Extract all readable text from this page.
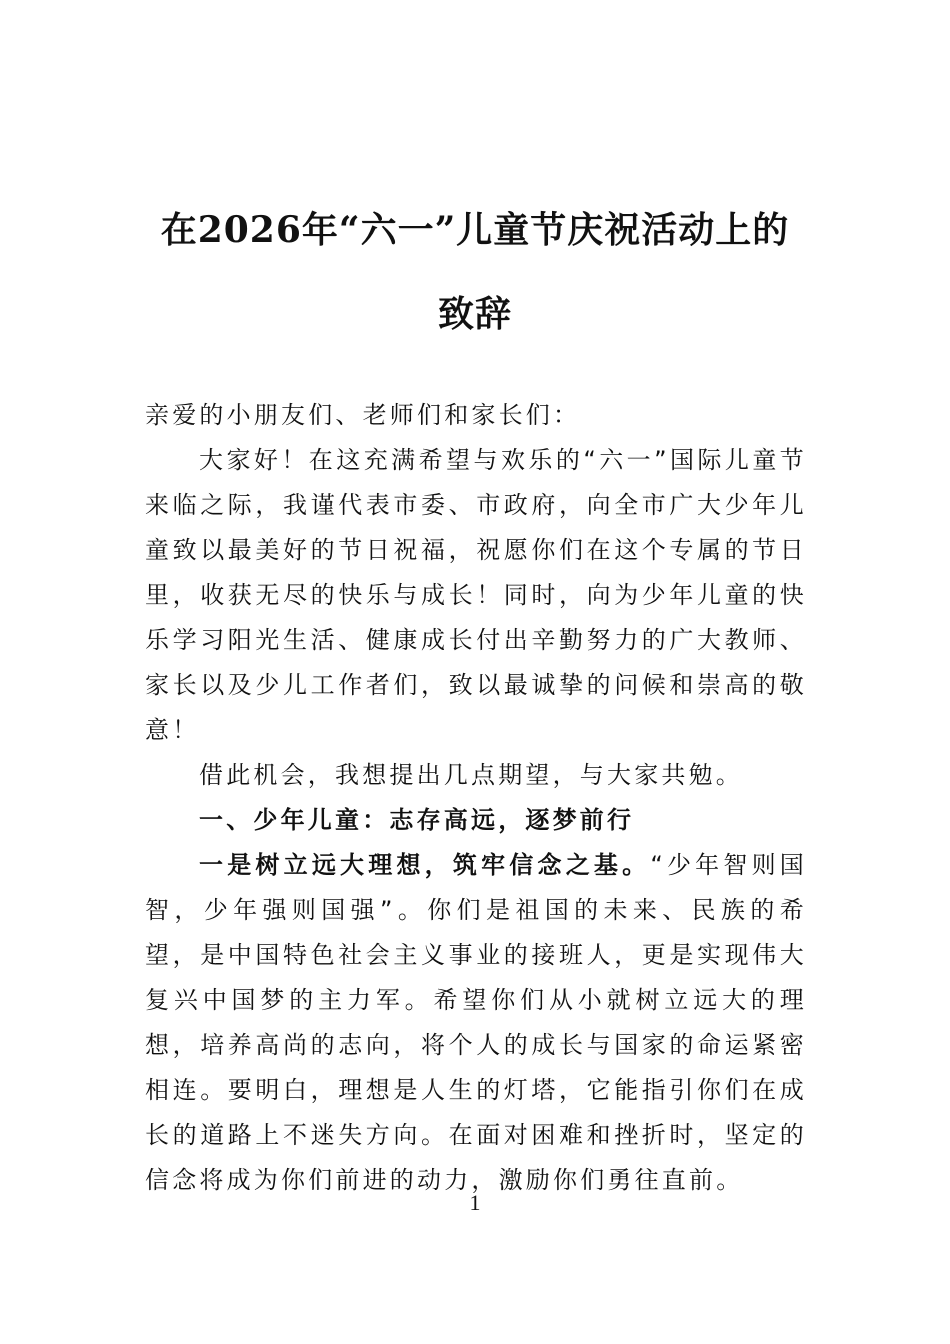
在2026年“六一”儿童节庆祝活动上的致辞

亲爱的小朋友们、老师们和家长们：

大家好！在这充满希望与欢乐的“六一”国际儿童节来临之际，我谨代表市委、市政府，向全市广大少年儿童致以最美好的节日祝福，祝愿你们在这个专属的节日里，收获无尽的快乐与成长！同时，向为少年儿童的快乐学习阳光生活、健康成长付出辛勤努力的广大教师、家长以及少儿工作者们，致以最诚挚的问候和崇高的敬意！

借此机会，我想提出几点期望，与大家共勉。

一、少年儿童：志存高远，逐梦前行

一是树立远大理想，筑牢信念之基。“少年智则国智，少年强则国强”。你们是祖国的未来、民族的希望，是中国特色社会主义事业的接班人，更是实现伟大复兴中国梦的主力军。希望你们从小就树立远大的理想，培养高尚的志向，将个人的成长与国家的命运紧密相连。要明白，理想是人生的灯塔，它能指引你们在成长的道路上不迷失方向。在面对困难和挫折时，坚定的信念将成为你们前进的动力，激励你们勇往直前。

1
